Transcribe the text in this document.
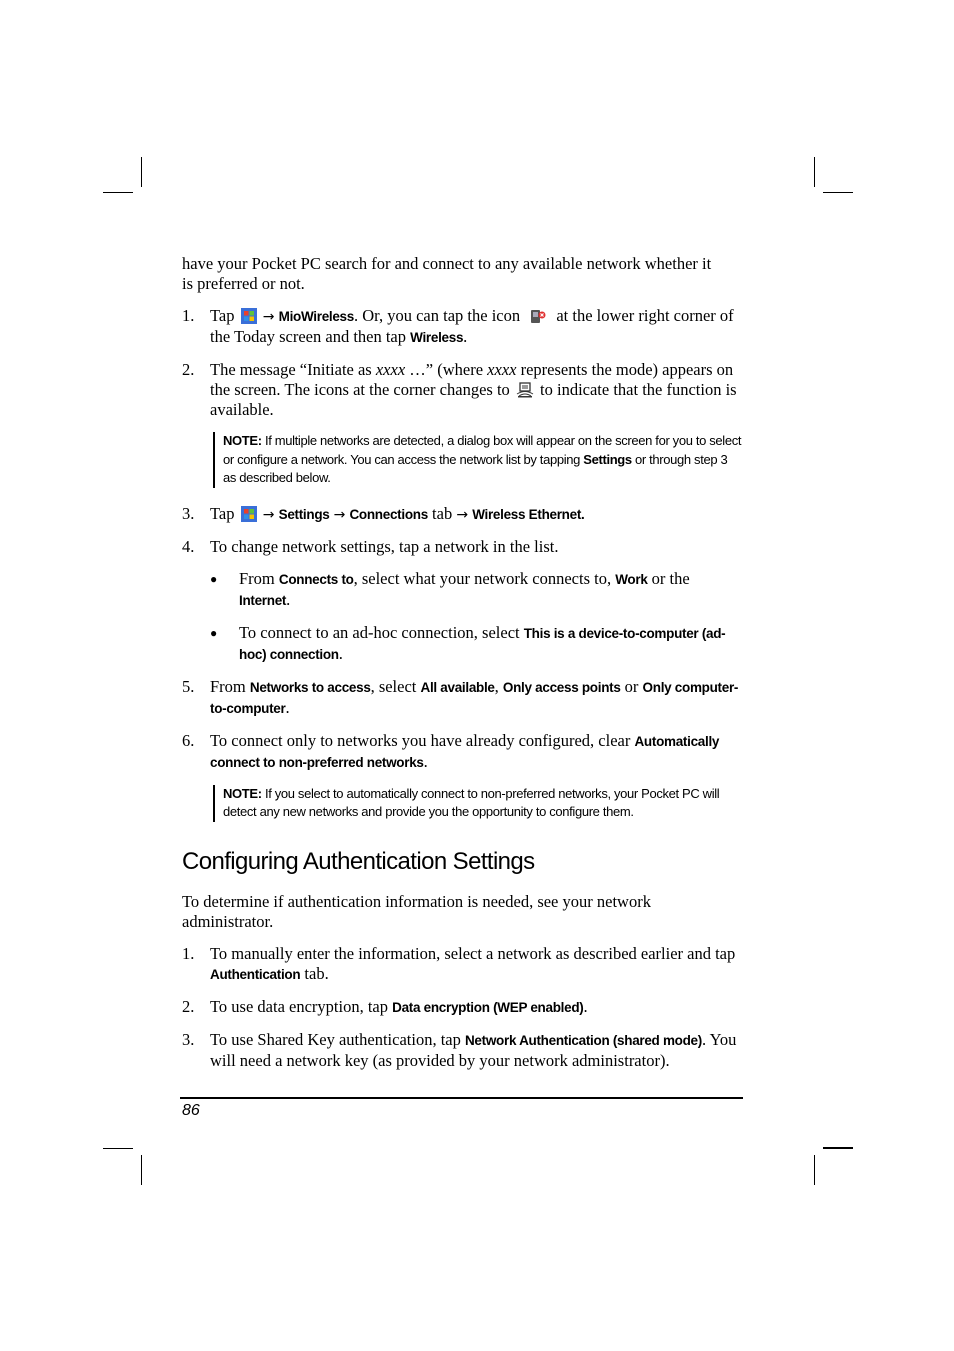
have your Pocket PC search for and connect to any available network whether it
is preferred or not.

1. Tap → MioWireless. Or, you can tap the icon at the lower right corner of the Today screen and then tap Wireless.
2. The message “Initiate as xxxx …” (where xxxx represents the mode) appears on the screen. The icons at the corner changes to to indicate that the function is available.
NOTE: If multiple networks are detected, a dialog box will appear on the screen for you to select or configure a network. You can access the network list by tapping Settings or through step 3 as described below.
3. Tap → Settings → Connections tab → Wireless Ethernet.
4. To change network settings, tap a network in the list.
● From Connects to, select what your network connects to, Work or the Internet.
● To connect to an ad-hoc connection, select This is a device-to-computer (ad-hoc) connection.
5. From Networks to access, select All available, Only access points or Only computer-to-computer.
6. To connect only to networks you have already configured, clear Automatically connect to non-preferred networks.
NOTE: If you select to automatically connect to non-preferred networks, your Pocket PC will detect any new networks and provide you the opportunity to configure them.
Configuring Authentication Settings

To determine if authentication information is needed, see your network administrator.

1. To manually enter the information, select a network as described earlier and tap Authentication tab.
2. To use data encryption, tap Data encryption (WEP enabled).
3. To use Shared Key authentication, tap Network Authentication (shared mode). You will need a network key (as provided by your network administrator).
86
